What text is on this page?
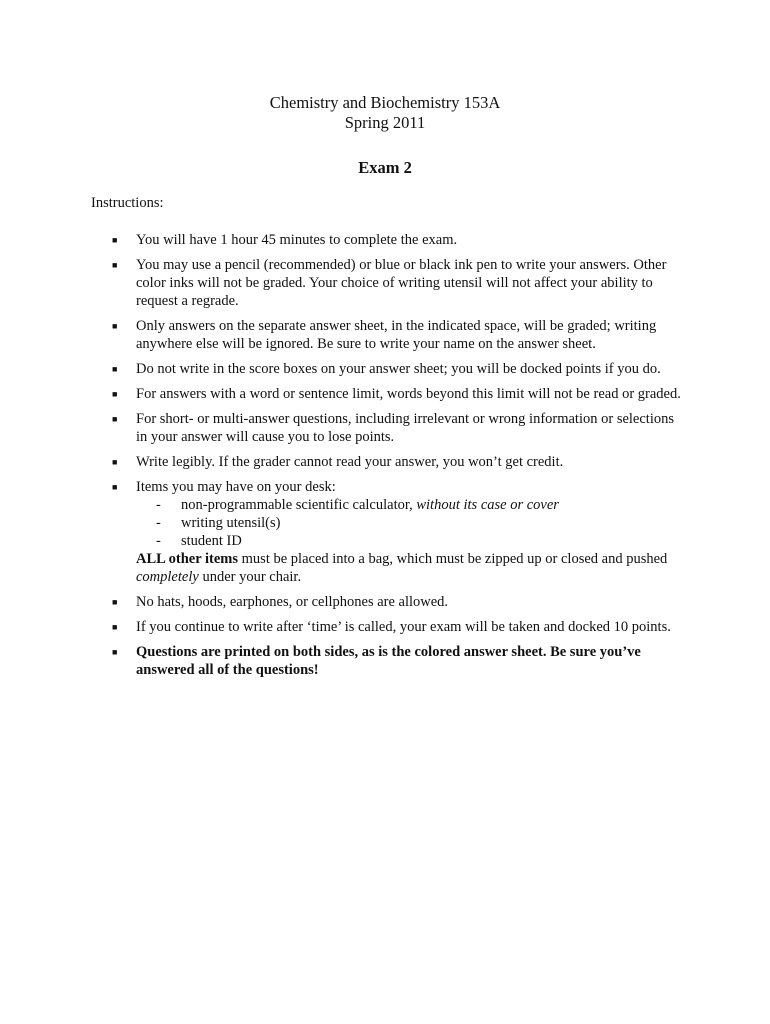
Chemistry and Biochemistry 153A
Spring 2011
Exam 2
Instructions:
■ You will have 1 hour 45 minutes to complete the exam.
■ You may use a pencil (recommended) or blue or black ink pen to write your answers. Other color inks will not be graded. Your choice of writing utensil will not affect your ability to request a regrade.
■ Only answers on the separate answer sheet, in the indicated space, will be graded; writing anywhere else will be ignored. Be sure to write your name on the answer sheet.
■ Do not write in the score boxes on your answer sheet; you will be docked points if you do.
■ For answers with a word or sentence limit, words beyond this limit will not be read or graded.
■ For short- or multi-answer questions, including irrelevant or wrong information or selections in your answer will cause you to lose points.
■ Write legibly. If the grader cannot read your answer, you won’t get credit.
■ Items you may have on your desk:
- non-programmable scientific calculator, without its case or cover
- writing utensil(s)
- student ID
ALL other items must be placed into a bag, which must be zipped up or closed and pushed completely under your chair.
■ No hats, hoods, earphones, or cellphones are allowed.
■ If you continue to write after ‘time’ is called, your exam will be taken and docked 10 points.
■ Questions are printed on both sides, as is the colored answer sheet. Be sure you’ve answered all of the questions!
